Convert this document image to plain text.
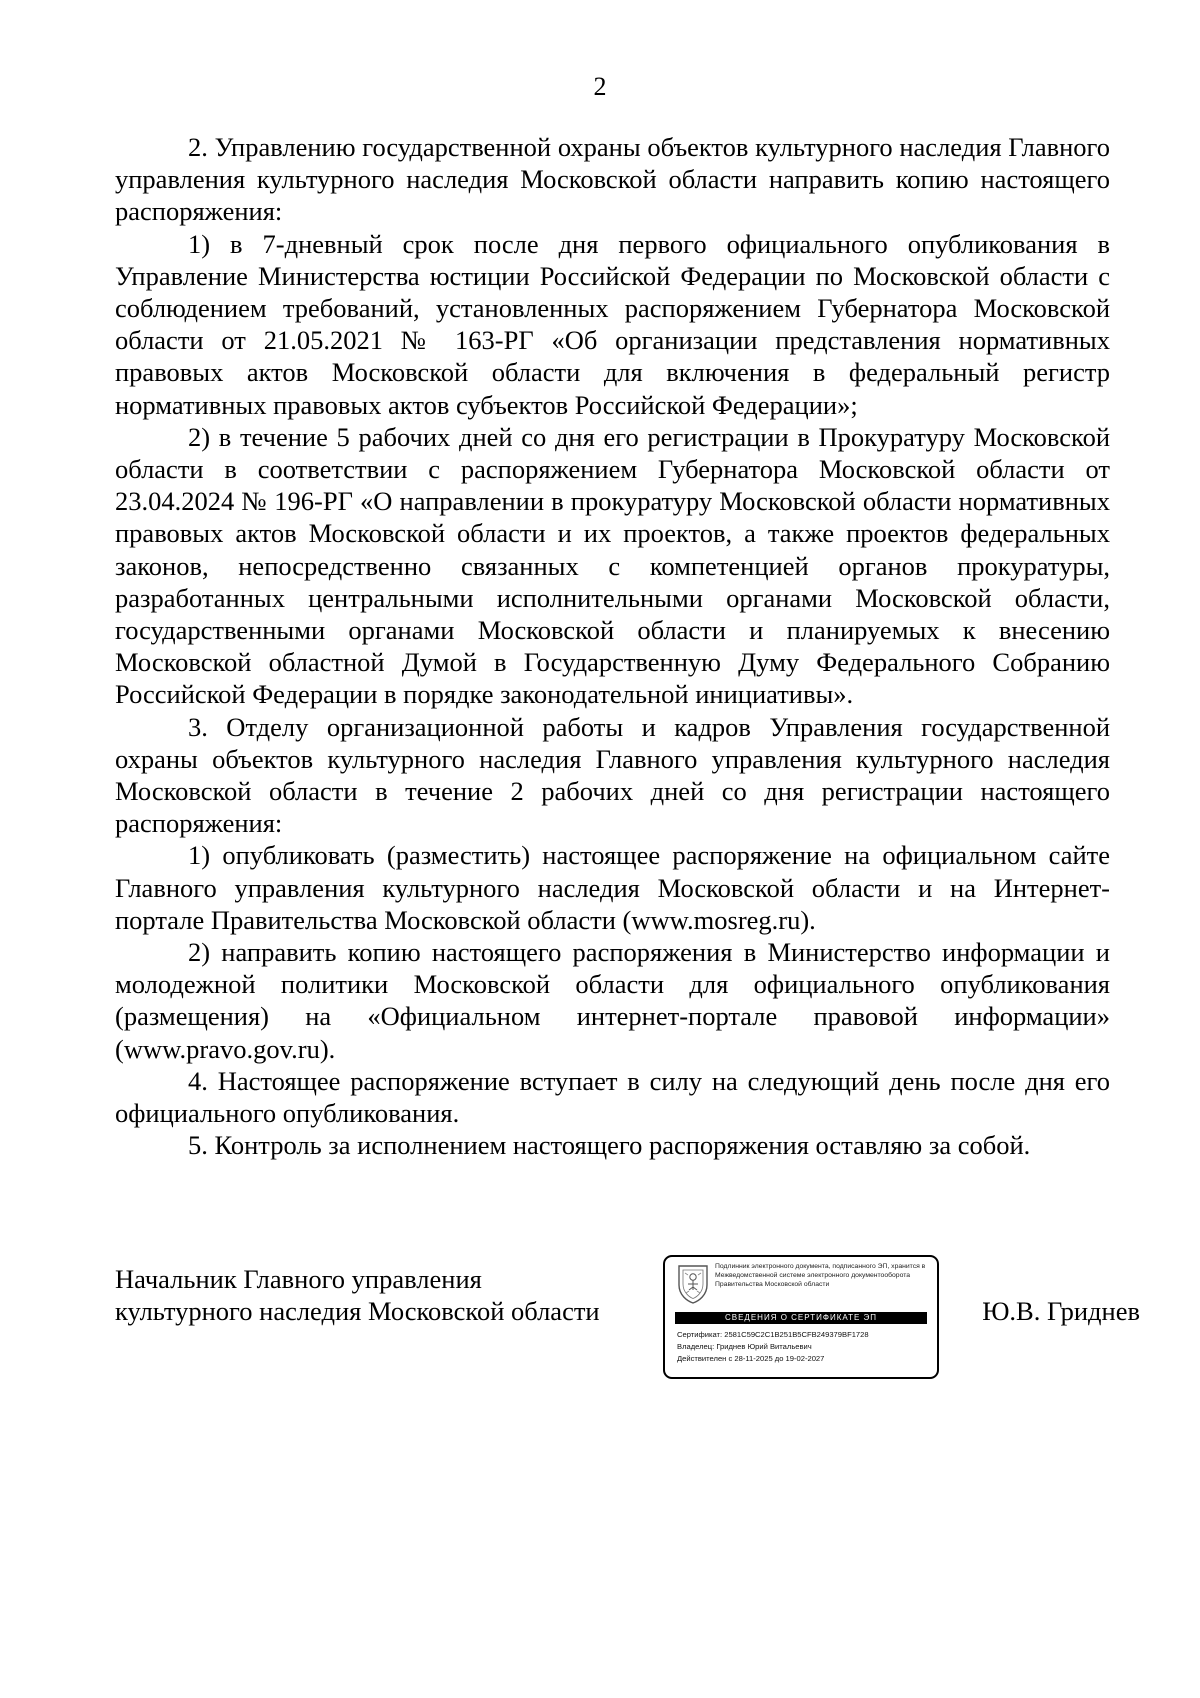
2

2. Управлению государственной охраны объектов культурного наследия Главного управления культурного наследия Московской области направить копию настоящего распоряжения:

1) в 7-дневный срок после дня первого официального опубликования в Управление Министерства юстиции Российской Федерации по Московской области с соблюдением требований, установленных распоряжением Губернатора Московской области от 21.05.2021 № 163-РГ «Об организации представления нормативных правовых актов Московской области для включения в федеральный регистр нормативных правовых актов субъектов Российской Федерации»;

2) в течение 5 рабочих дней со дня его регистрации в Прокуратуру Московской области в соответствии с распоряжением Губернатора Московской области от 23.04.2024 № 196-РГ «О направлении в прокуратуру Московской области нормативных правовых актов Московской области и их проектов, а также проектов федеральных законов, непосредственно связанных с компетенцией органов прокуратуры, разработанных центральными исполнительными органами Московской области, государственными органами Московской области и планируемых к внесению Московской областной Думой в Государственную Думу Федерального Собранию Российской Федерации в порядке законодательной инициативы».

3. Отделу организационной работы и кадров Управления государственной охраны объектов культурного наследия Главного управления культурного наследия Московской области в течение 2 рабочих дней со дня регистрации настоящего распоряжения:

1) опубликовать (разместить) настоящее распоряжение на официальном сайте Главного управления культурного наследия Московской области и на Интернет-портале Правительства Московской области (www.mosreg.ru).

2) направить копию настоящего распоряжения в Министерство информации и молодежной политики Московской области для официального опубликования (размещения) на «Официальном интернет-портале правовой информации» (www.pravo.gov.ru).

4. Настоящее распоряжение вступает в силу на следующий день после дня его официального опубликования.

5. Контроль за исполнением настоящего распоряжения оставляю за собой.

Начальник Главного управления
культурного наследия Московской области
Подлинник электронного документа, подписанного ЭП, хранится в Межведомственной системе электронного документооборота Правительства Московской области
СВЕДЕНИЯ О СЕРТИФИКАТЕ ЭП
Сертификат: 2581C59C2C1B251B5CFB249379BF1728
Владелец: Гриднев Юрий Витальевич
Действителен с 28-11-2025 до 19-02-2027
Ю.В. Гриднев
